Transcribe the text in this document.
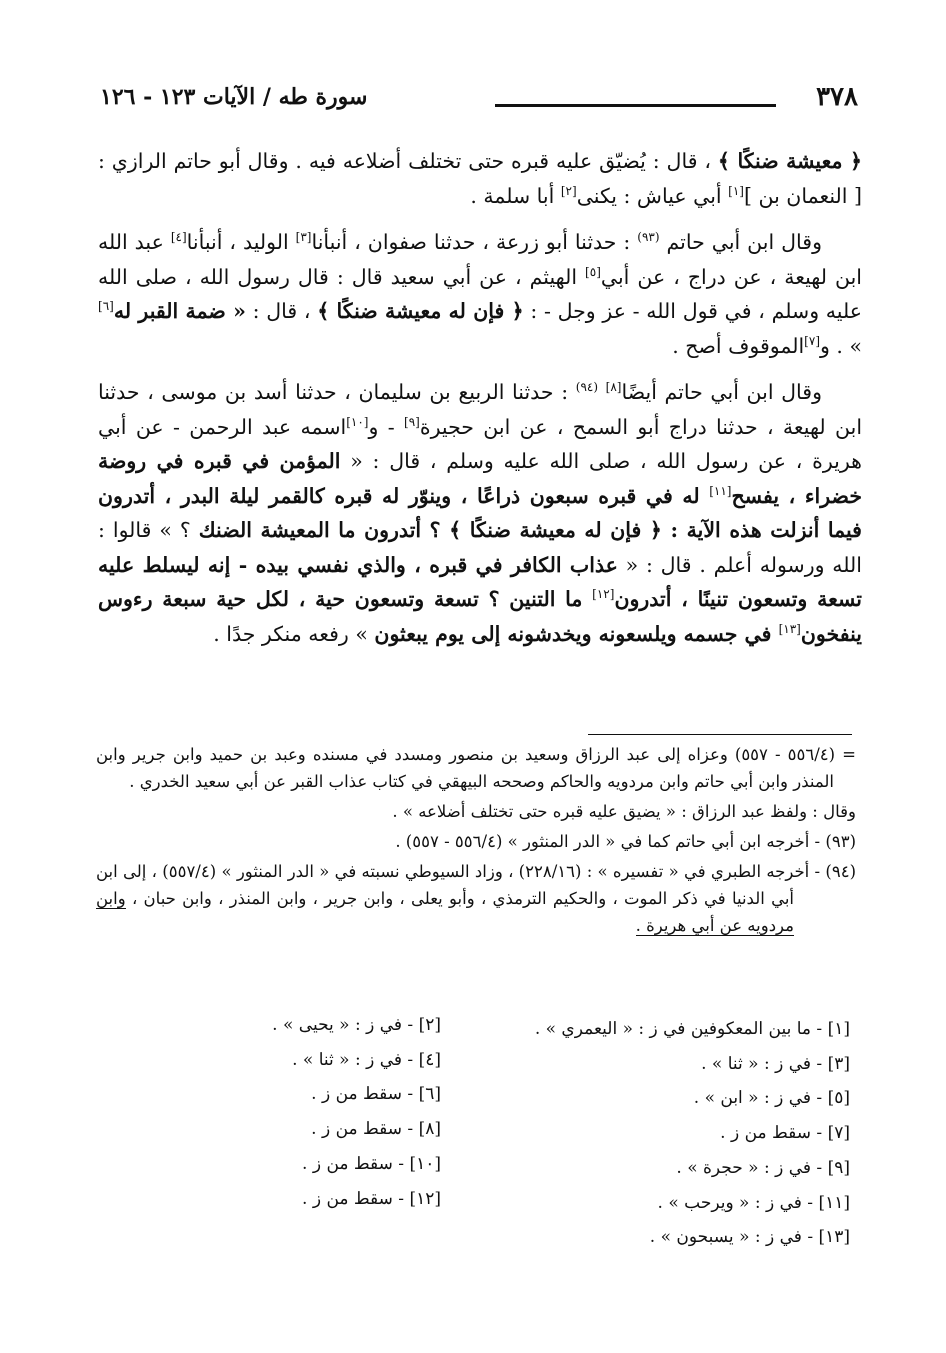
٣٧٨
سورة طه / الآيات ١٢٣ - ١٢٦

﴿ معيشة ضنكًا ﴾ ، قال : يُضيّق عليه قبره حتى تختلف أضلاعه فيه . وقال أبو حاتم الرازي : [ النعمان بن ][١] أبي عياش : يكنى[٢] أبا سلمة .

وقال ابن أبي حاتم $^{(٩٣)}$ : حدثنا أبو زرعة ، حدثنا صفوان ، أنبأنا[٣] الوليد ، أنبأنا[٤] عبد الله ابن لهيعة ، عن دراج ، عن أبي[٥] الهيثم ، عن أبي سعيد قال : قال رسول الله ، صلى الله عليه وسلم ، في قول الله - عز وجل - : ﴿ فإن له معيشة ضنكًا ﴾ ، قال : « ضمة القبر له[٦] » . و[٧]الموقوف أصح .

وقال ابن أبي حاتم أيضًا[٨] $^{(٩٤)}$ : حدثنا الربيع بن سليمان ، حدثنا أسد بن موسى ، حدثنا ابن لهيعة ، حدثنا دراج أبو السمح ، عن ابن حجيرة[٩] - و[١٠]اسمه عبد الرحمن - عن أبي هريرة ، عن رسول الله ، صلى الله عليه وسلم ، قال : « المؤمن في قبره في روضة خضراء ، يفسح[١١] له في قبره سبعون ذراعًا ، وينوّر له قبره كالقمر ليلة البدر ، أتدرون فيما أنزلت هذه الآية : ﴿ فإن له معيشة ضنكًا ﴾ ؟ أتدرون ما المعيشة الضنك ؟ » قالوا : الله ورسوله أعلم . قال : « عذاب الكافر في قبره ، والذي نفسي بيده - إنه ليسلط عليه تسعة وتسعون تنينًا ، أتدرون[١٢] ما التنين ؟ تسعة وتسعون حية ، لكل حية سبعة رءوس ينفخون[١٣] في جسمه ويلسعونه ويخدشونه إلى يوم يبعثون » رفعه منكر جدًا .

= (٥٥٦/٤ - ٥٥٧) وعزاه إلى عبد الرزاق وسعيد بن منصور ومسدد في مسنده وعبد بن حميد وابن جرير وابن المنذر وابن أبي حاتم وابن مردويه والحاكم وصححه البيهقي في كتاب عذاب القبر عن أبي سعيد الخدري .
وقال : ولفظ عبد الرزاق : « يضيق عليه قبره حتى تختلف أضلاعه » .
(٩٣) - أخرجه ابن أبي حاتم كما في « الدر المنثور » (٥٥٦/٤ - ٥٥٧) .
(٩٤) - أخرجه الطبري في « تفسيره » : (٢٢٨/١٦) ، وزاد السيوطي نسبته في « الدر المنثور » (٥٥٧/٤) ، إلى ابن أبي الدنيا في ذكر الموت ، والحكيم الترمذي ، وأبو يعلى ، وابن جرير ، وابن المنذر ، وابن حبان ، وابن مردويه عن أبي هريرة .
[١] - ما بين المعكوفين في ز : « اليعمري » .
[٣] - في ز : « ثنا » .
[٥] - في ز : « ابن » .
[٧] - سقط من ز .
[٩] - في ز : « حجرة » .
[١١] - في ز : « ويرحب » .
[١٣] - في ز : « يسبحون » .
[٢] - في ز : « يحيى » .
[٤] - في ز : « ثنا » .
[٦] - سقط من ز .
[٨] - سقط من ز .
[١٠] - سقط من ز .
[١٢] - سقط من ز .
